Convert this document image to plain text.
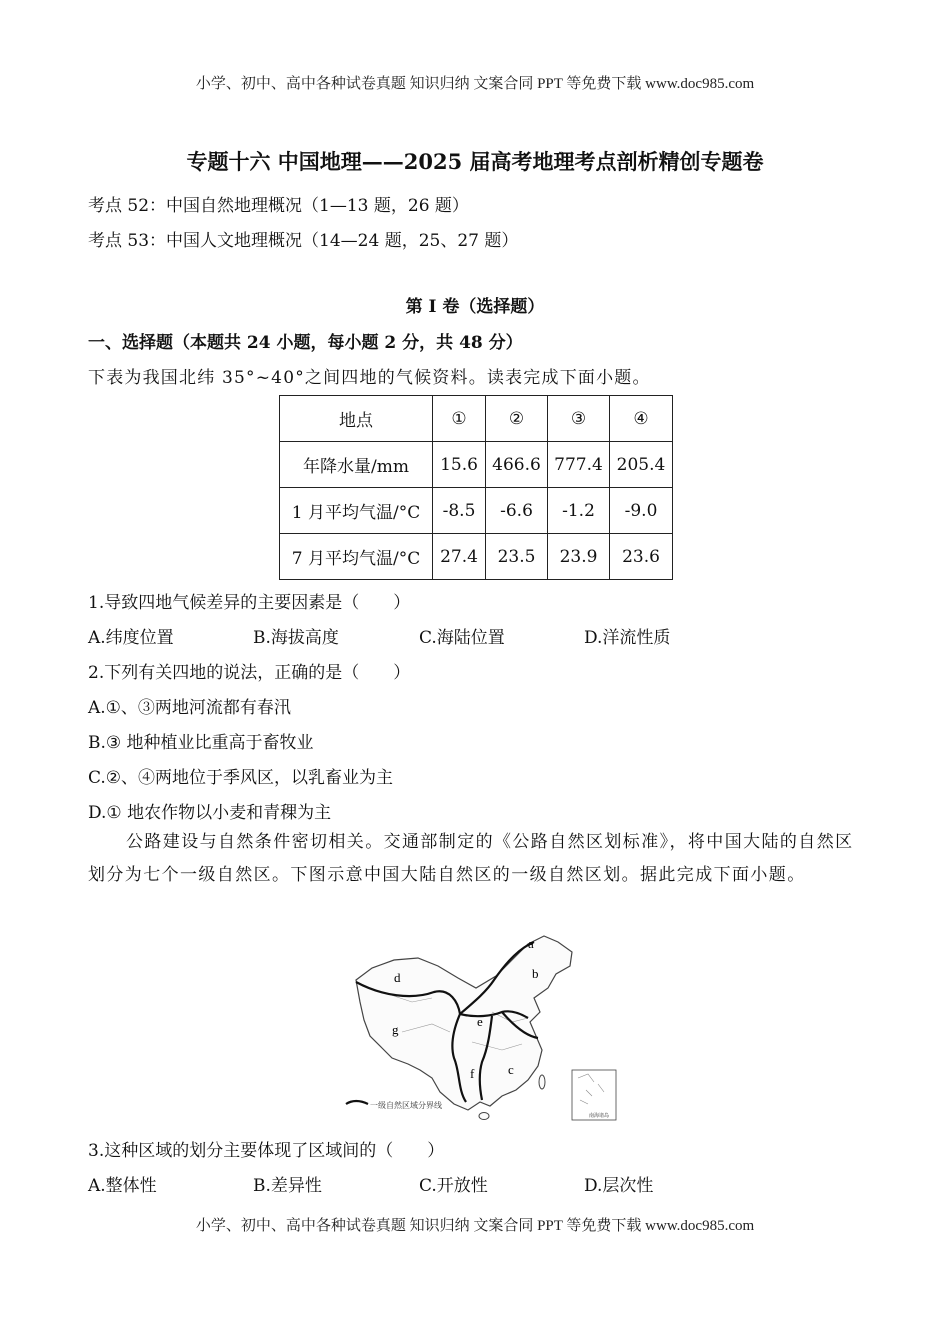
小学、初中、高中各种试卷真题 知识归纳 文案合同 PPT 等免费下载 www.doc985.com
专题十六 中国地理——2025 届高考地理考点剖析精创专题卷
考点 52：中国自然地理概况（1—13 题，26 题）
考点 53：中国人文地理概况（14—24 题，25、27 题）
第 I 卷（选择题）
一、选择题（本题共 24 小题，每小题 2 分，共 48 分）
下表为我国北纬 35°~40°之间四地的气候资料。读表完成下面小题。
地点	①	②	③	④
年降水量/mm	15.6	466.6	777.4	205.4
1 月平均气温/°C	-8.5	-6.6	-1.2	-9.0
7 月平均气温/°C	27.4	23.5	23.9	23.6
1.导致四地气候差异的主要因素是（　　）
A.纬度位置	B.海拔高度	C.海陆位置	D.洋流性质
2.下列有关四地的说法，正确的是（　　）
A.①、③两地河流都有春汛
B.③ 地种植业比重高于畜牧业
C.②、④两地位于季风区，以乳畜业为主
D.① 地农作物以小麦和青稞为主
公路建设与自然条件密切相关。交通部制定的《公路自然区划标准》，将中国大陆的自然区划分为七个一级自然区。下图示意中国大陆自然区的一级自然区划。据此完成下面小题。
a
b
d
e
g
f	c
一级自然区域分界线
南海诸岛
3.这种区域的划分主要体现了区域间的（　　）
A.整体性	B.差异性	C.开放性	D.层次性
小学、初中、高中各种试卷真题 知识归纳 文案合同 PPT 等免费下载 www.doc985.com
